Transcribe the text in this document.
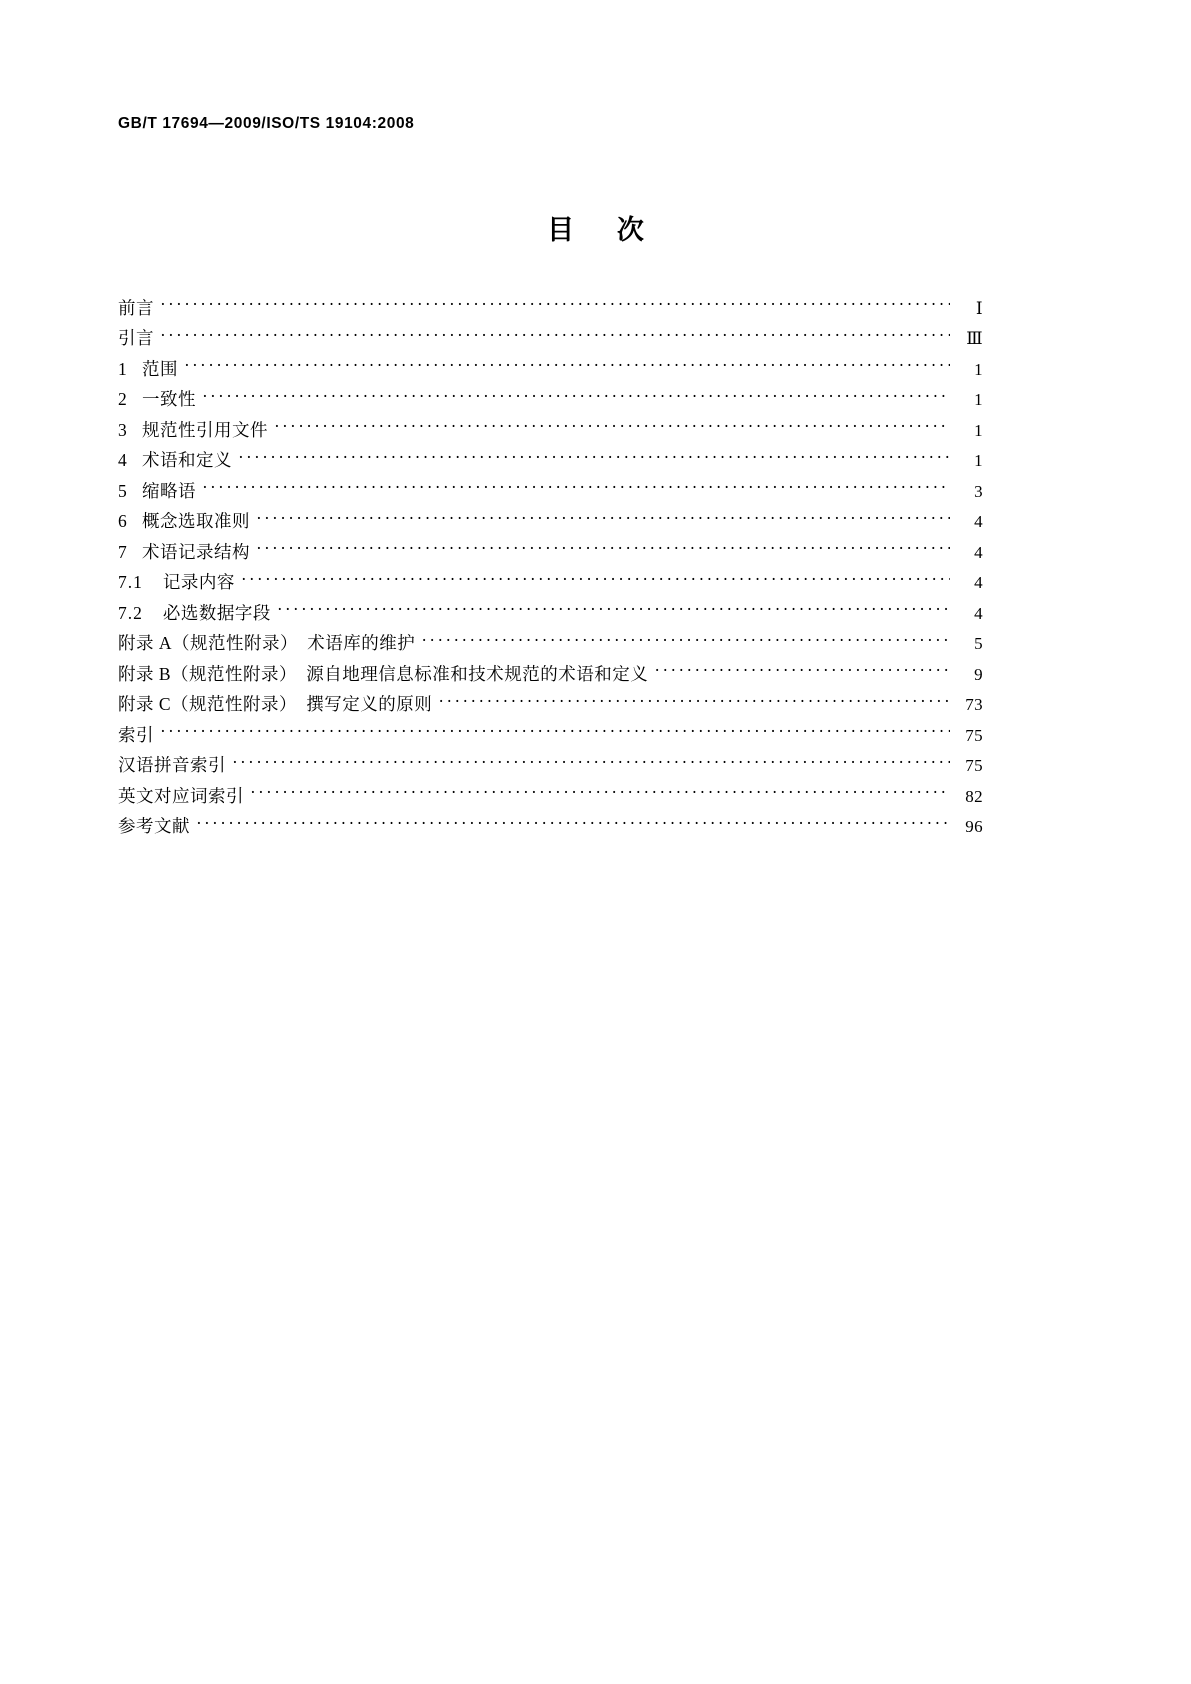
GB/T 17694—2009/ISO/TS 19104:2008
目 次
前言 ·····	Ⅰ
引言 ·····	Ⅲ
1 范围 ·····	1
2 一致性 ·····	1
3 规范性引用文件 ·····	1
4 术语和定义 ·····	1
5 缩略语 ·····	3
6 概念选取准则 ·····	4
7 术语记录结构 ·····	4
7.1 记录内容 ·····	4
7.2 必选数据字段 ·····	4
附录 A（规范性附录）　术语库的维护 ·····	5
附录 B（规范性附录）　源自地理信息标准和技术规范的术语和定义 ·····	9
附录 C（规范性附录）　撰写定义的原则 ·····	73
索引 ·····	75
汉语拼音索引 ·····	75
英文对应词索引 ·····	82
参考文献 ·····	96
